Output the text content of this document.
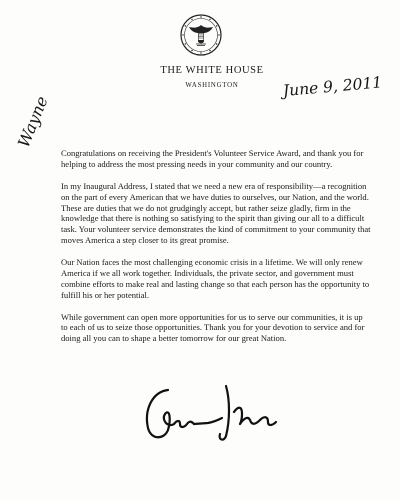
THE WHITE HOUSE
WASHINGTON	June 9, 2011
Wayne

Congratulations on receiving the President's Volunteer Service Award, and thank you for helping to address the most pressing needs in your community and our country.

In my Inaugural Address, I stated that we need a new era of responsibility—a recognition on the part of every American that we have duties to ourselves, our Nation, and the world. These are duties that we do not grudgingly accept, but rather seize gladly, firm in the knowledge that there is nothing so satisfying to the spirit than giving our all to a difficult task. Your volunteer service demonstrates the kind of commitment to your community that moves America a step closer to its great promise.

Our Nation faces the most challenging economic crisis in a lifetime. We will only renew America if we all work together. Individuals, the private sector, and government must combine efforts to make real and lasting change so that each person has the opportunity to fulfill his or her potential.

While government can open more opportunities for us to serve our communities, it is up to each of us to seize those opportunities. Thank you for your devotion to service and for doing all you can to shape a better tomorrow for our great Nation.
